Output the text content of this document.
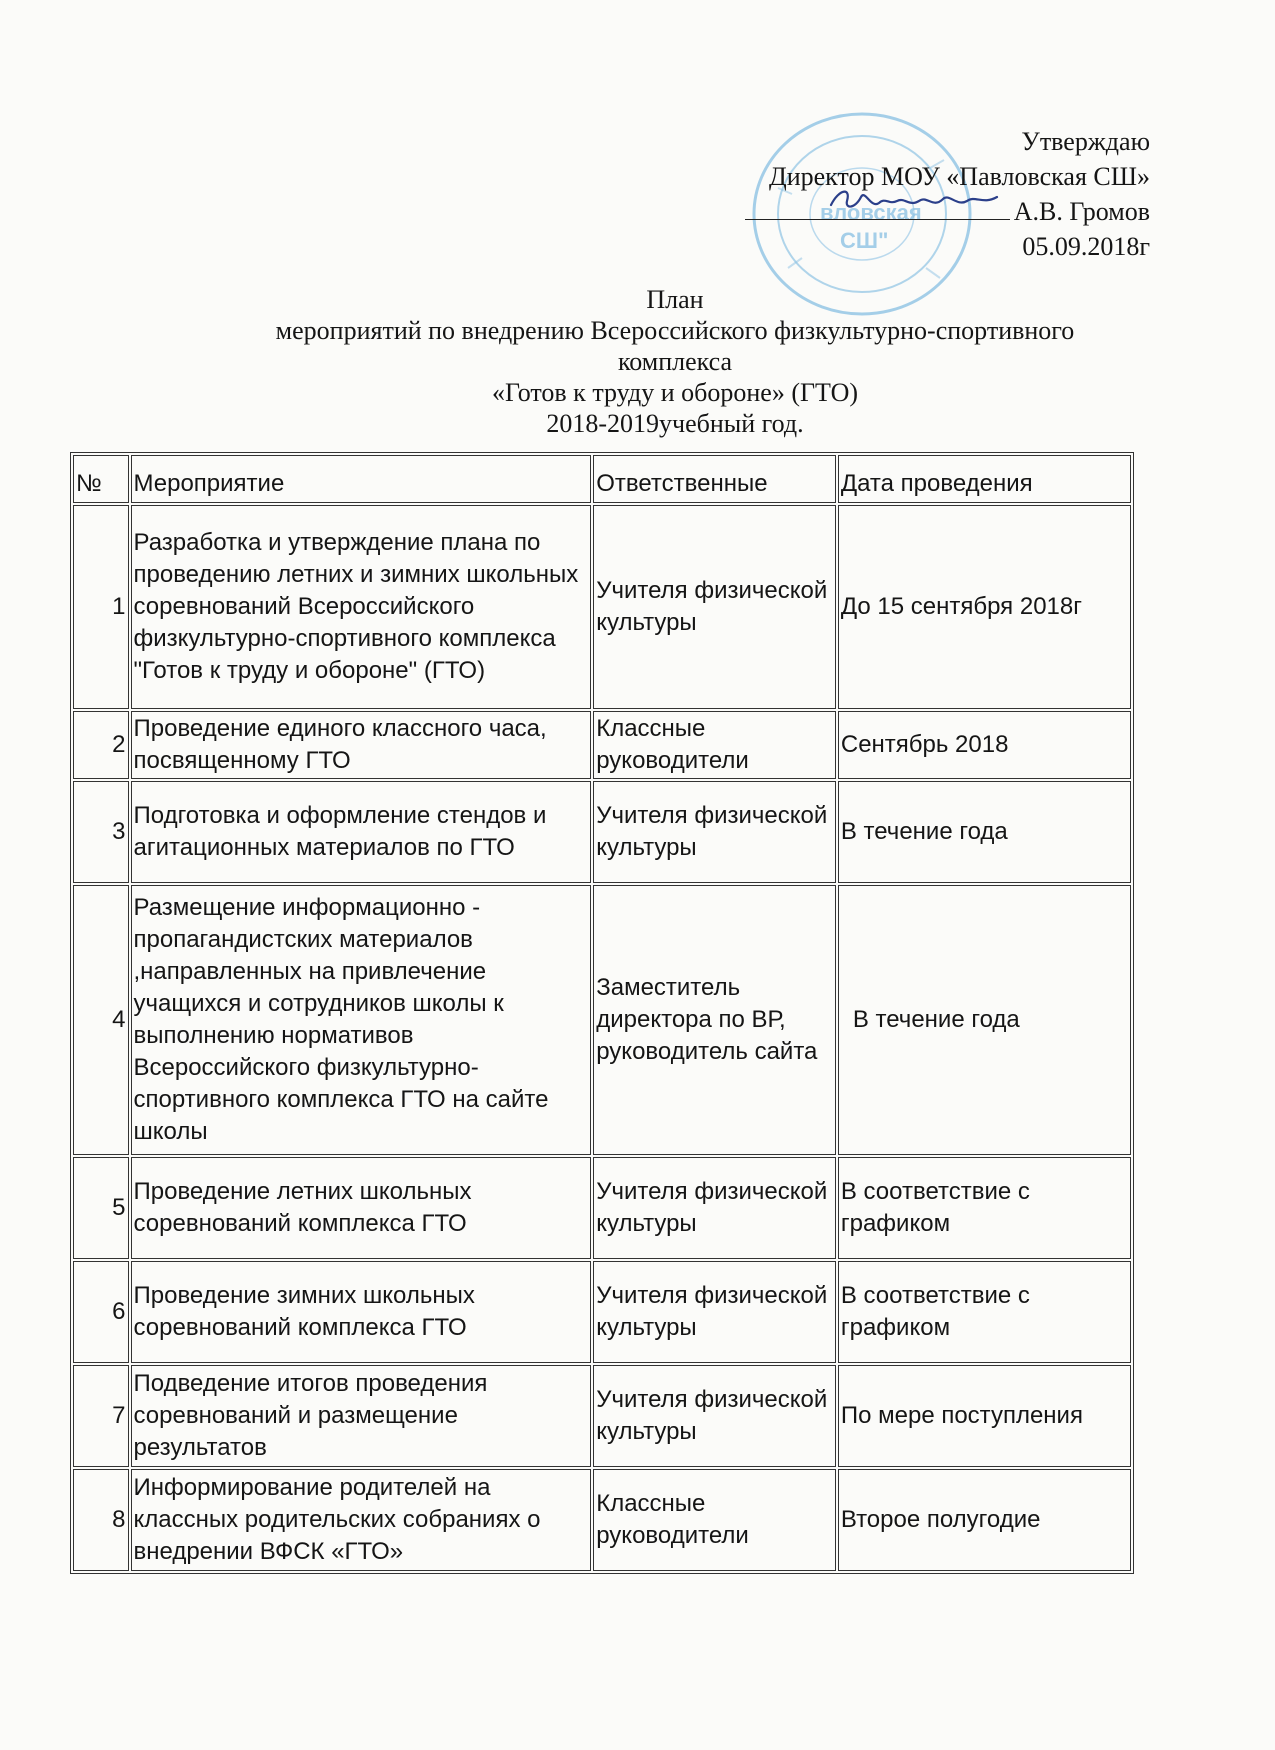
вловская
СШ"
Утверждаю
Директор МОУ «Павловская СШ»
А.В. Громов
05.09.2018г
План
мероприятий по внедрению Всероссийского физкультурно-спортивного
комплекса
«Готов к труду и обороне» (ГТО)
2018-2019учебный год.
№	Мероприятие	Ответственные	Дата проведения
1	Разработка и утверждение плана по проведению летних и зимних школьных соревнований Всероссийского физкультурно-спортивного комплекса "Готов к труду и обороне" (ГТО)	Учителя физической культуры	До 15 сентября 2018г
2	Проведение единого классного часа, посвященному ГТО	Классные руководители	Сентябрь 2018
3	Подготовка и оформление стендов и агитационных материалов по ГТО	Учителя физической культуры	В течение года
4	Размещение информационно - пропагандистских материалов ,направленных на привлечение учащихся и сотрудников школы к выполнению нормативов Всероссийского физкультурно-спортивного комплекса ГТО на сайте школы	Заместитель директора по ВР, руководитель сайта	В течение года
5	Проведение летних школьных соревнований комплекса ГТО	Учителя физической культуры	В соответствие с графиком
6	Проведение зимних школьных соревнований комплекса ГТО	Учителя физической культуры	В соответствие с графиком
7	Подведение итогов проведения соревнований и размещение результатов	Учителя физической культуры	По мере поступления
8	Информирование родителей на классных родительских собраниях о внедрении ВФСК «ГТО»	Классные руководители	Второе полугодие
